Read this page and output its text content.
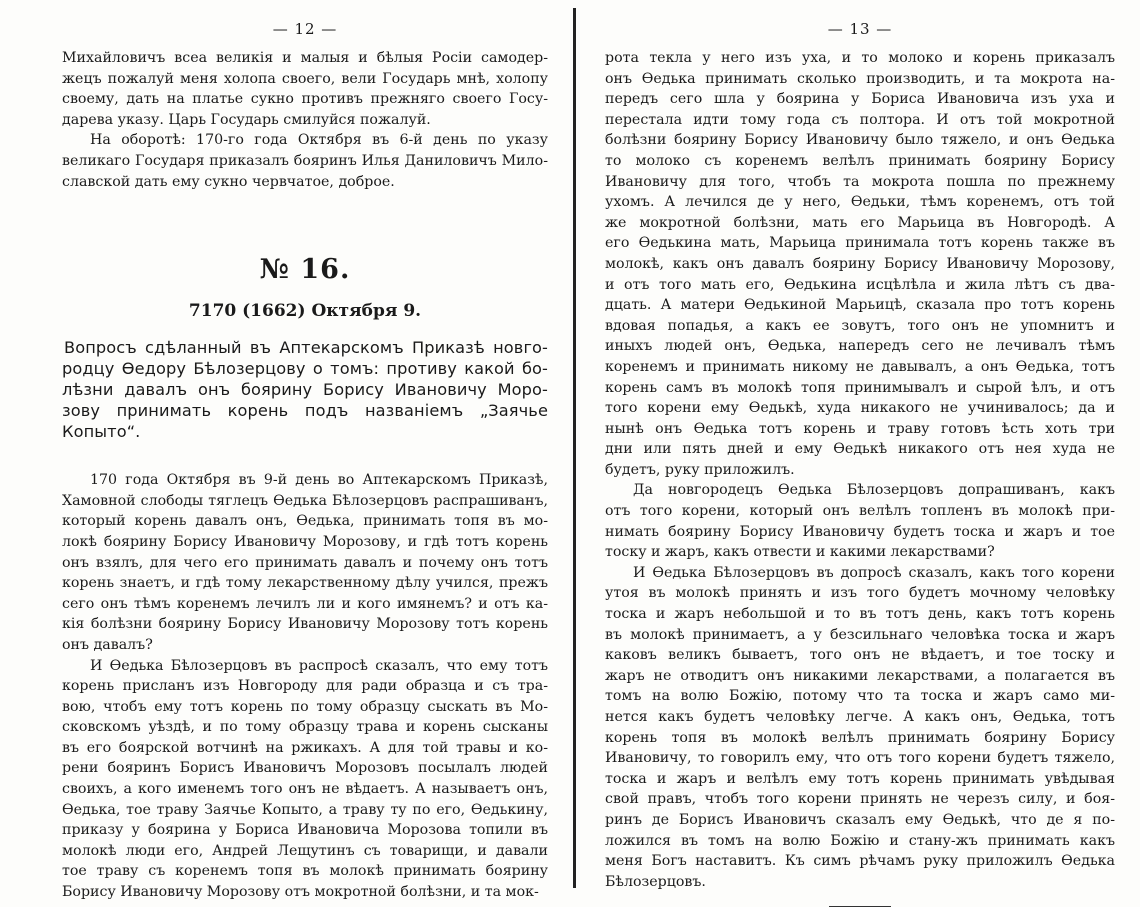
— 12 —

Михайловичъ всеа великія и малыя и бѣлыя Росіи самодер-
жецъ пожалуй меня холопа своего, вели Государь мнѣ, холопу
своему, дать на платье сукно противъ прежняго своего Госу-
дарева указу. Царь Государь смилуйся пожалуй.

На оборотѣ: 170-го года Октября въ 6-й день по указу
великаго Государя приказалъ бояринъ Илья Даниловичъ Мило-
славской дать ему сукно червчатое, доброе.

№ 16.
7170 (1662) Октября 9.
Вопросъ сдѣланный въ Аптекарскомъ Приказѣ новго-
родцу Ѳедору Бѣлозерцову о томъ: противу какой бо-
лѣзни давалъ онъ боярину Борису Ивановичу Моро-
зову принимать корень подъ названіемъ „Заячье
Копыто“.

170 года Октября въ 9-й день во Аптекарскомъ Приказѣ,
Хамовной слободы тяглецъ Ѳедька Бѣлозерцовъ распрашиванъ,
который корень давалъ онъ, Ѳедька, принимать топя въ мо-
локѣ боярину Борису Ивановичу Морозову, и гдѣ тотъ корень
онъ взялъ, для чего его принимать давалъ и почему онъ тотъ
корень знаетъ, и гдѣ тому лекарственному дѣлу учился, прежъ
сего онъ тѣмъ коренемъ лечилъ ли и кого имянемъ? и отъ ка-
кія болѣзни боярину Борису Ивановичу Морозову тотъ корень
онъ давалъ?

И Ѳедька Бѣлозерцовъ въ распросѣ сказалъ, что ему тотъ
корень присланъ изъ Новгороду для ради образца и съ тра-
вою, чтобъ ему тотъ корень по тому образцу сыскать въ Мо-
сковскомъ уѣздѣ, и по тому образцу трава и корень сысканы
въ его боярской вотчинѣ на ржикахъ. А для той травы и ко-
рени бояринъ Борисъ Ивановичъ Морозовъ посылалъ людей
своихъ, а кого именемъ того онъ не вѣдаетъ. А называетъ онъ,
Ѳедька, тое траву Заячье Копыто, а траву ту по его, Ѳедькину,
приказу у боярина у Бориса Ивановича Морозова топили въ
молокѣ люди его, Андрей Лещутинъ съ товарищи, и давали
тое траву съ коренемъ топя въ молокѣ принимать боярину
Борису Ивановичу Морозову отъ мокротной болѣзни, и та мок-

— 13 —

рота текла у него изъ уха, и то молоко и корень приказалъ
онъ Ѳедька принимать сколько производить, и та мокрота на-
передъ сего шла у боярина у Бориса Ивановича изъ уха и
перестала идти тому года съ полтора. И отъ той мокротной
болѣзни боярину Борису Ивановичу было тяжело, и онъ Ѳедька
то молоко съ коренемъ велѣлъ принимать боярину Борису
Ивановичу для того, чтобъ та мокрота пошла по прежнему
ухомъ. А лечился де у него, Ѳедьки, тѣмъ коренемъ, отъ той
же мокротной болѣзни, мать его Марьица въ Новгородѣ. А
его Ѳедькина мать, Марьица принимала тотъ корень также въ
молокѣ, какъ онъ давалъ боярину Борису Ивановичу Морозову,
и отъ того мать его, Ѳедькина исцѣлѣла и жила лѣтъ съ два-
дцать. А матери Ѳедькиной Марьицѣ, сказала про тотъ корень
вдовая попадья, а какъ ее зовутъ, того онъ не упомнитъ и
иныхъ людей онъ, Ѳедька, напередъ сего не лечивалъ тѣмъ
коренемъ и принимать никому не давывалъ, а онъ Ѳедька, тотъ
корень самъ въ молокѣ топя принимывалъ и сырой ѣлъ, и отъ
того корени ему Ѳедькѣ, худа никакого не учинивалось; да и
нынѣ онъ Ѳедька тотъ корень и траву готовъ ѣсть хоть три
дни или пять дней и ему Ѳедькѣ никакого отъ нея худа не
будетъ, руку приложилъ.

Да новгородецъ Ѳедька Бѣлозерцовъ допрашиванъ, какъ
отъ того корени, который онъ велѣлъ топленъ въ молокѣ при-
нимать боярину Борису Ивановичу будетъ тоска и жаръ и тое
тоску и жаръ, какъ отвести и какими лекарствами?

И Ѳедька Бѣлозерцовъ въ допросѣ сказалъ, какъ того корени
утоя въ молокѣ принять и изъ того будетъ мочному человѣку
тоска и жаръ небольшой и то въ тотъ день, какъ тотъ корень
въ молокѣ принимаетъ, а у безсильнаго человѣка тоска и жаръ
каковъ великъ бываетъ, того онъ не вѣдаетъ, и тое тоску и
жаръ не отводитъ онъ никакими лекарствами, а полагается въ
томъ на волю Божію, потому что та тоска и жаръ само ми-
нется какъ будетъ человѣку легче. А какъ онъ, Ѳедька, тотъ
корень топя въ молокѣ велѣлъ принимать боярину Борису
Ивановичу, то говорилъ ему, что отъ того корени будетъ тяжело,
тоска и жаръ и велѣлъ ему тотъ корень принимать увѣдывая
свой правъ, чтобъ того корени принять не черезъ силу, и боя-
ринъ де Борисъ Ивановичъ сказалъ ему Ѳедькѣ, что де я по-
ложился въ томъ на волю Божію и стану-жъ принимать какъ
меня Богъ наставитъ. Къ симъ рѣчамъ руку приложилъ Ѳедька
Бѣлозерцовъ.
